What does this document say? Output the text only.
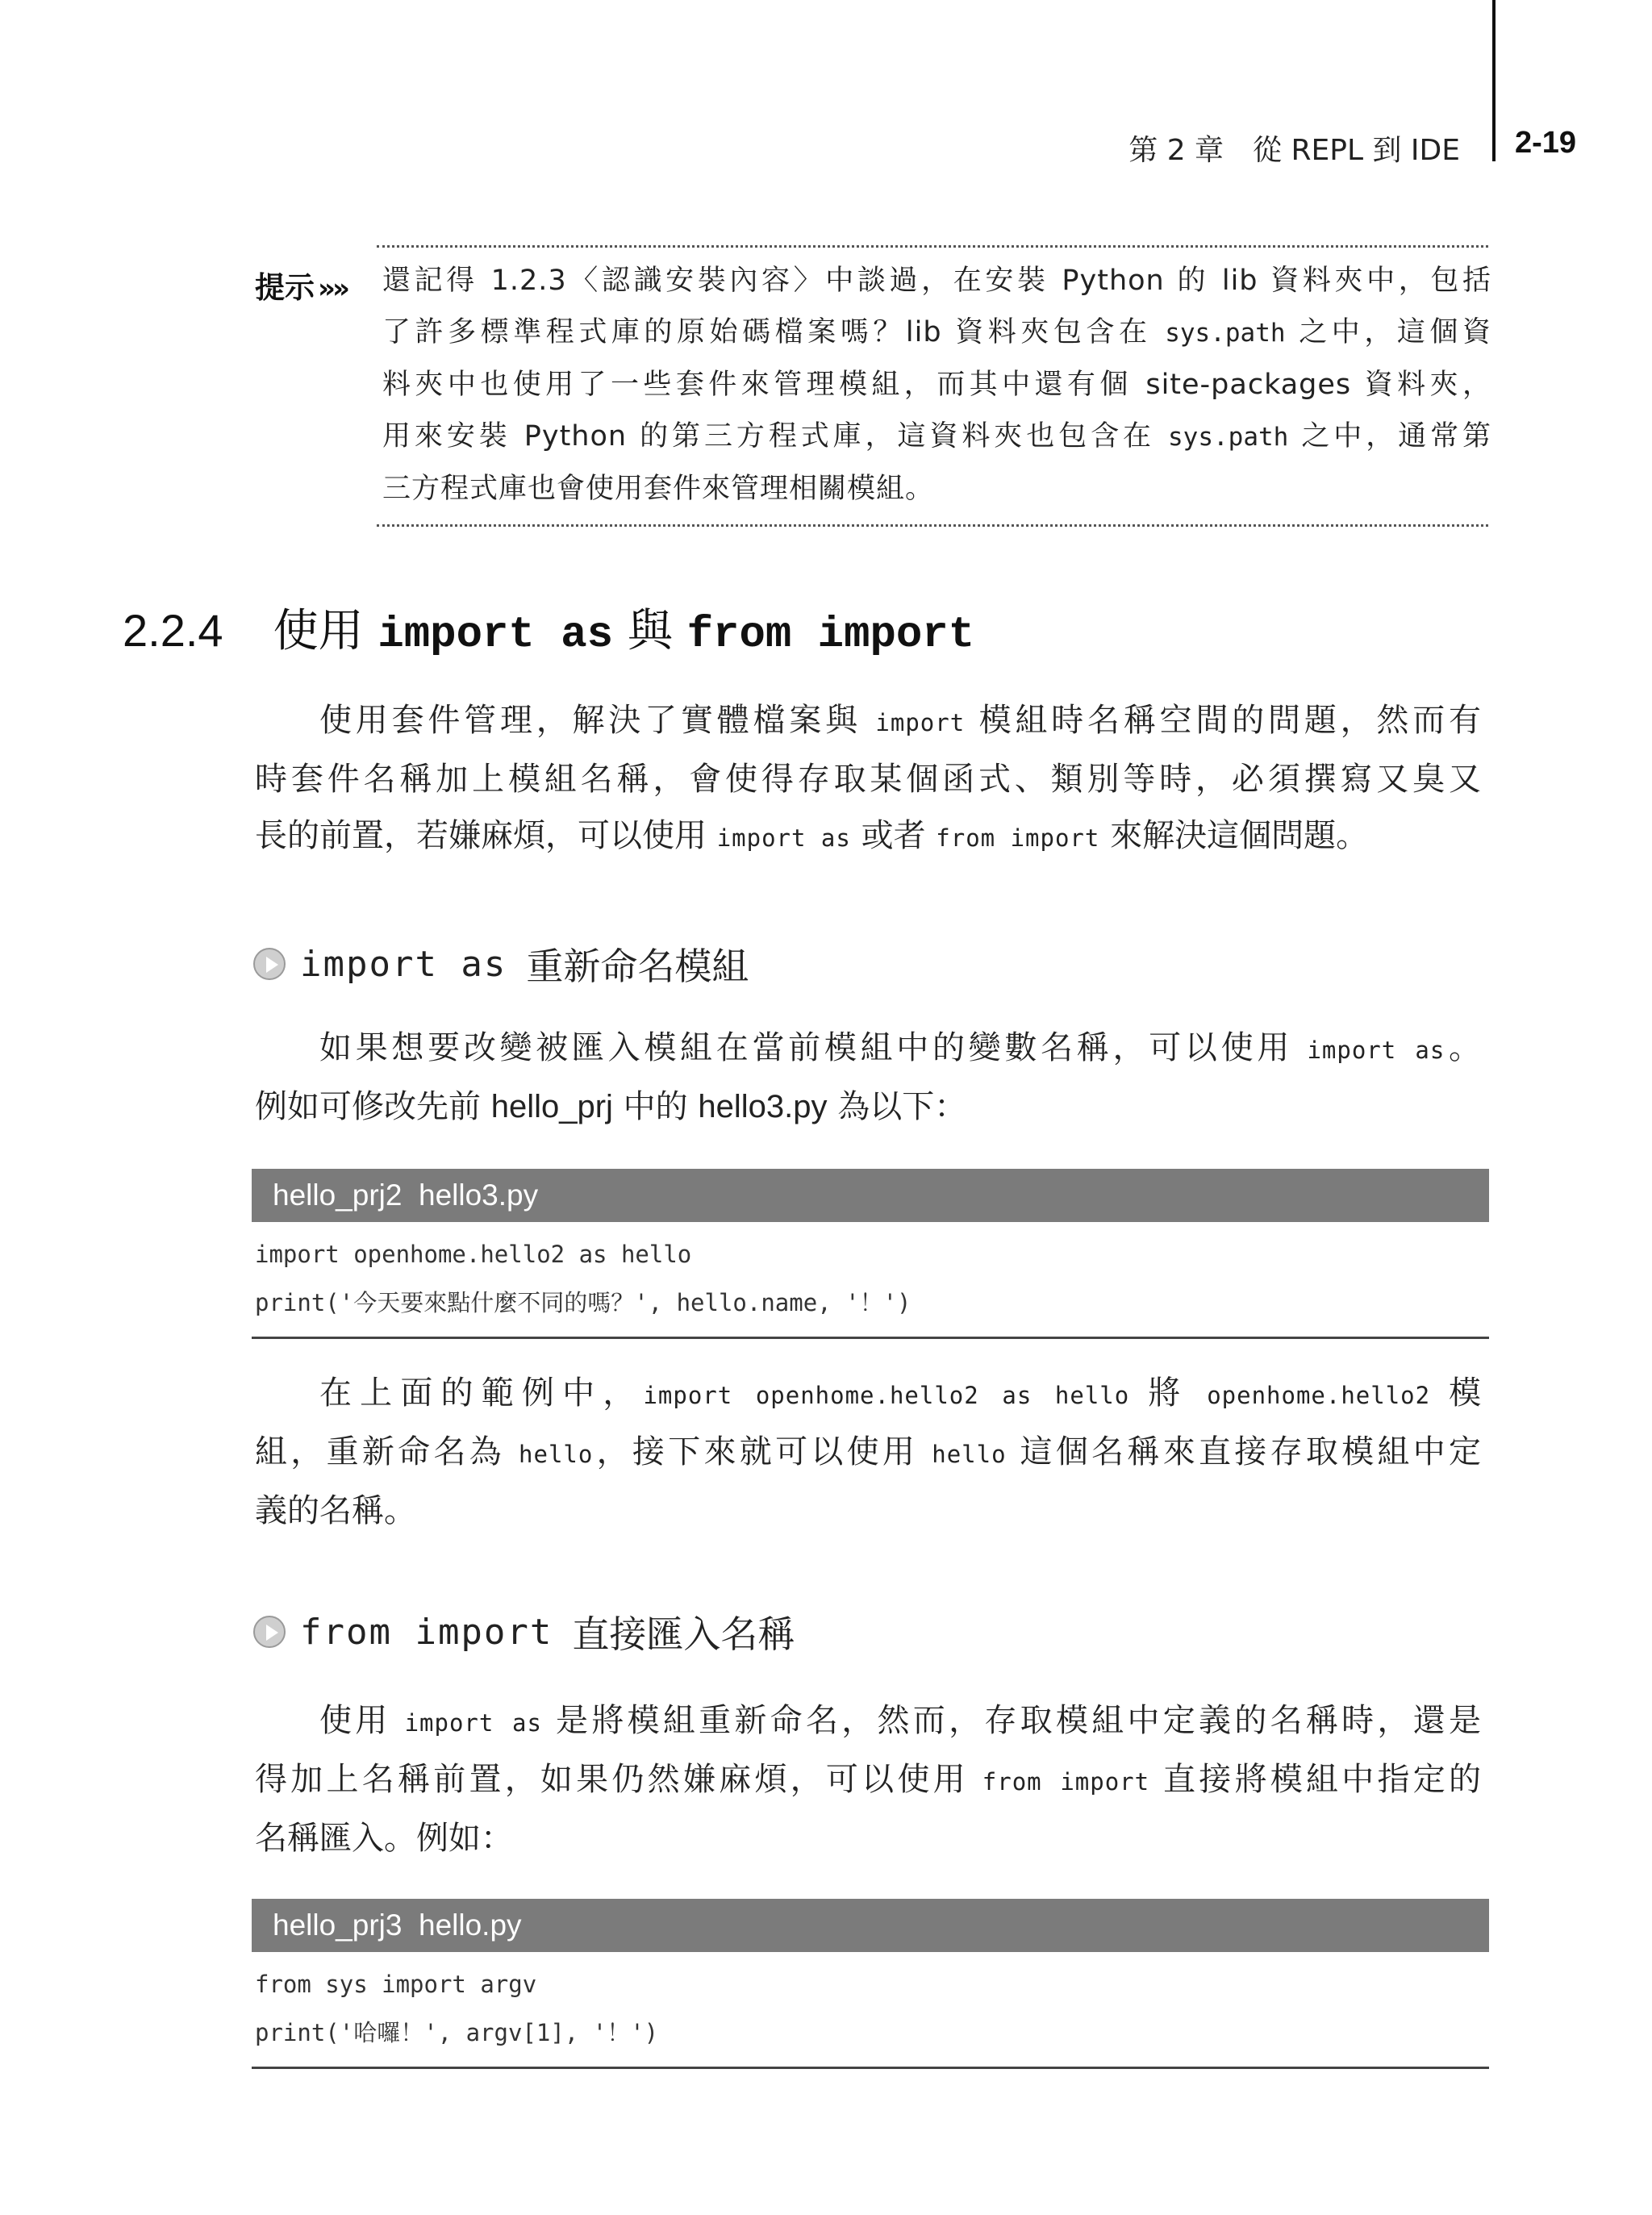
第 2 章　從 REPL 到 IDE 2-19
提示 »» 還記得 1.2.3〈認識安裝內容〉中談過，在安裝 Python 的 lib 資料夾中，包括
了許多標準程式庫的原始碼檔案嗎？lib 資料夾包含在 sys.path 之中，這個資
料夾中也使用了一些套件來管理模組，而其中還有個 site-packages 資料夾，
用來安裝 Python 的第三方程式庫，這資料夾也包含在 sys.path 之中，通常第
三方程式庫也會使用套件來管理相關模組。
2.2.4 使用 import as 與 from import
使用套件管理，解決了實體檔案與 import 模組時名稱空間的問題，然而有
時套件名稱加上模組名稱，會使得存取某個函式、類別等時，必須撰寫又臭又
長的前置，若嫌麻煩，可以使用 import as 或者 from import 來解決這個問題。
import as 重新命名模組
如果想要改變被匯入模組在當前模組中的變數名稱，可以使用 import as。
例如可修改先前 hello_prj 中的 hello3.py 為以下：
hello_prj2  hello3.py
import openhome.hello2 as hello
print('今天要來點什麼不同的嗎？', hello.name, '！')
在上面的範例中，import openhome.hello2 as hello 將 openhome.hello2 模
組，重新命名為 hello，接下來就可以使用 hello 這個名稱來直接存取模組中定
義的名稱。
from import 直接匯入名稱
使用 import as 是將模組重新命名，然而，存取模組中定義的名稱時，還是
得加上名稱前置，如果仍然嫌麻煩，可以使用 from import 直接將模組中指定的
名稱匯入。例如：
hello_prj3  hello.py
from sys import argv
print('哈囉！', argv[1], '！')
